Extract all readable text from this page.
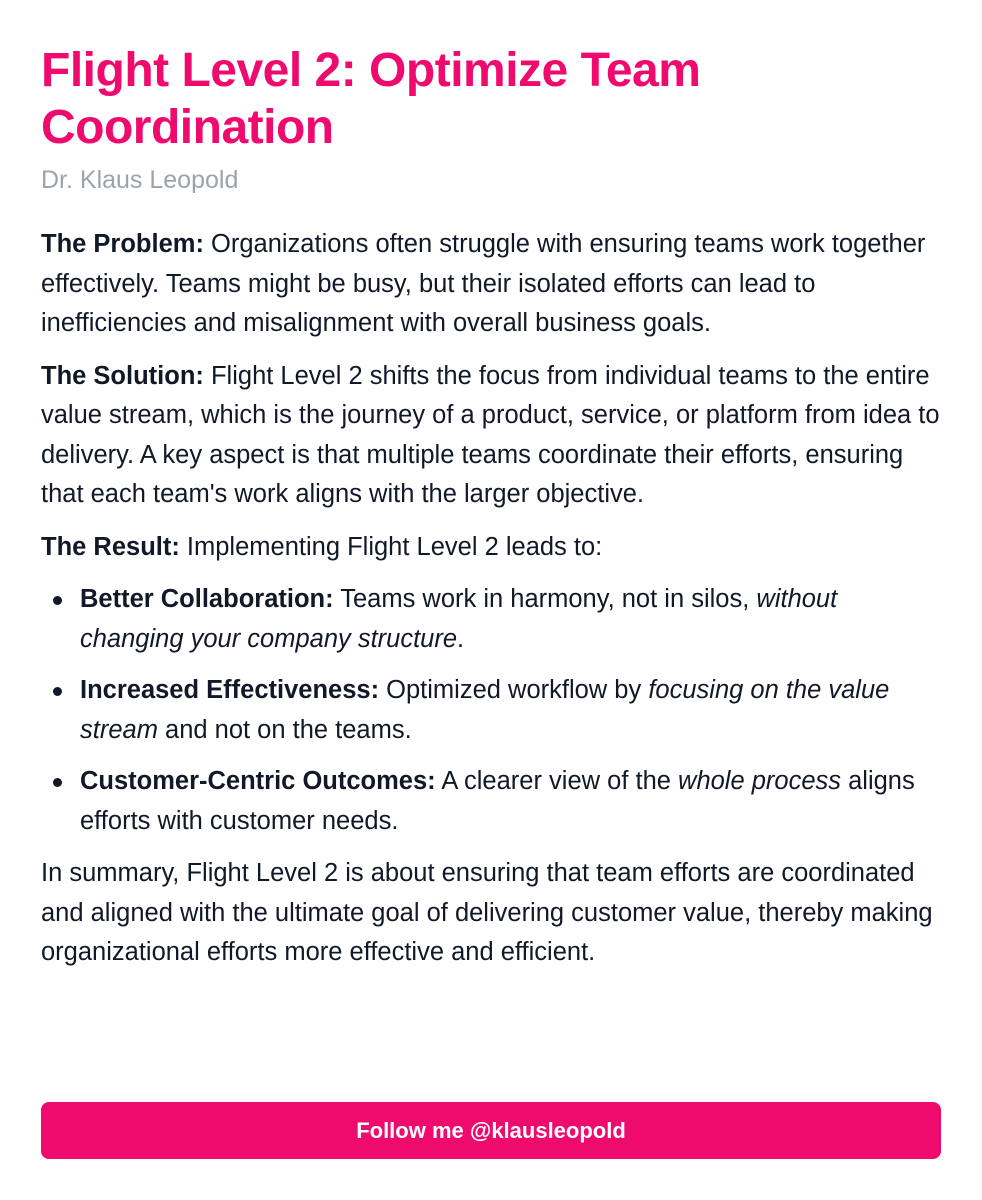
Flight Level 2: Optimize Team Coordination
Dr. Klaus Leopold

The Problem: Organizations often struggle with ensuring teams work together effectively. Teams might be busy, but their isolated efforts can lead to inefficiencies and misalignment with overall business goals.

The Solution: Flight Level 2 shifts the focus from individual teams to the entire value stream, which is the journey of a product, service, or platform from idea to delivery. A key aspect is that multiple teams coordinate their efforts, ensuring that each team's work aligns with the larger objective.

The Result: Implementing Flight Level 2 leads to:

Better Collaboration: Teams work in harmony, not in silos, without changing your company structure.
Increased Effectiveness: Optimized workflow by focusing on the value stream and not on the teams.
Customer-Centric Outcomes: A clearer view of the whole process aligns efforts with customer needs.

In summary, Flight Level 2 is about ensuring that team efforts are coordinated and aligned with the ultimate goal of delivering customer value, thereby making organizational efforts more effective and efficient.

Follow me @klausleopold
